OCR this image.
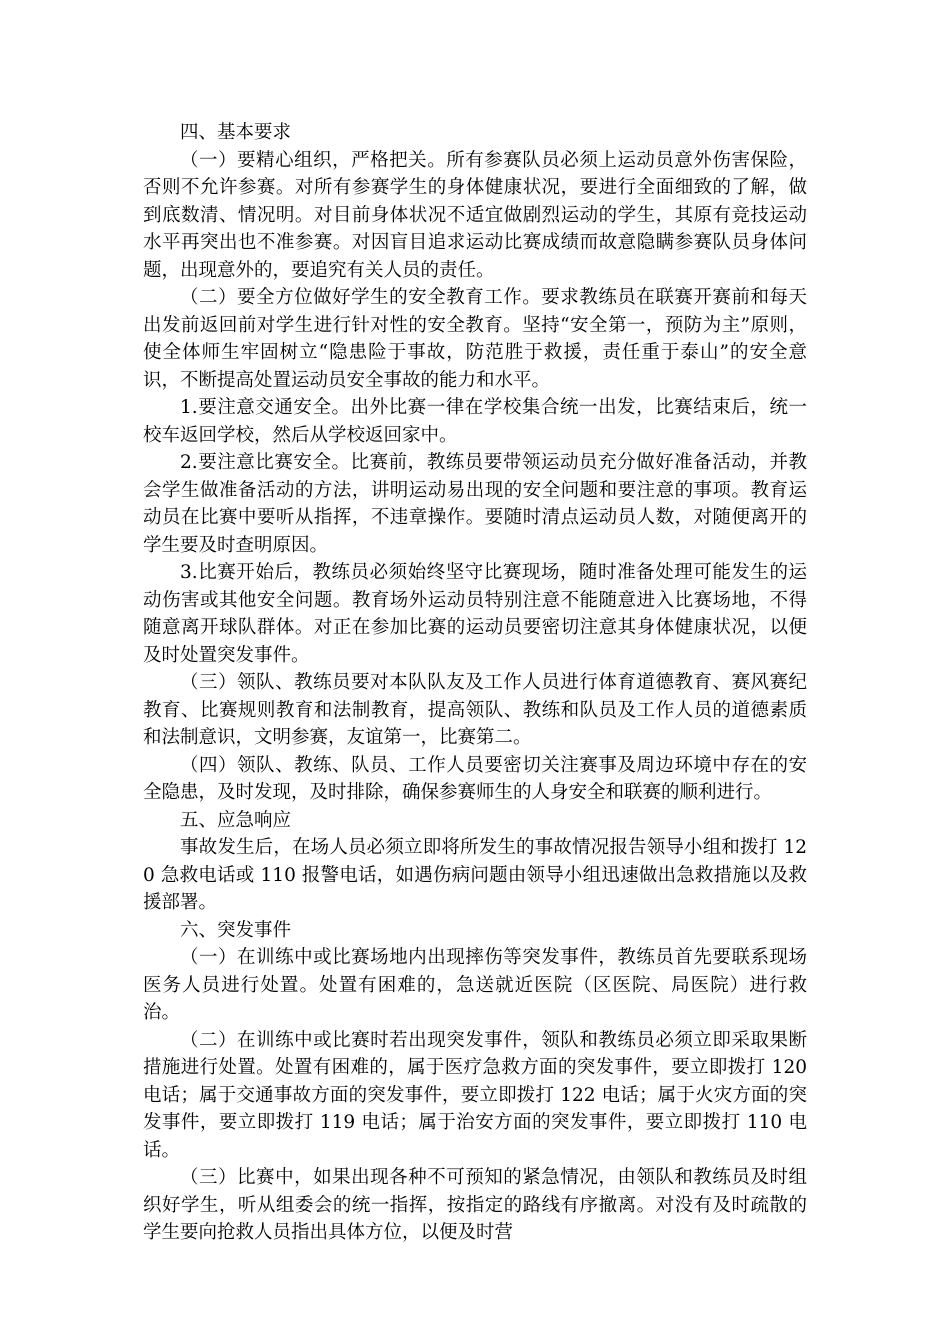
四、基本要求

（一）要精心组织，严格把关。所有参赛队员必须上运动员意外伤害保险，否则不允许参赛。对所有参赛学生的身体健康状况，要进行全面细致的了解，做到底数清、情况明。对目前身体状况不适宜做剧烈运动的学生，其原有竞技运动水平再突出也不准参赛。对因盲目追求运动比赛成绩而故意隐瞒参赛队员身体问题，出现意外的，要追究有关人员的责任。

（二）要全方位做好学生的安全教育工作。要求教练员在联赛开赛前和每天出发前返回前对学生进行针对性的安全教育。坚持“安全第一，预防为主”原则，使全体师生牢固树立“隐患险于事故，防范胜于救援，责任重于泰山”的安全意识，不断提高处置运动员安全事故的能力和水平。

1.要注意交通安全。出外比赛一律在学校集合统一出发，比赛结束后，统一校车返回学校，然后从学校返回家中。

2.要注意比赛安全。比赛前，教练员要带领运动员充分做好准备活动，并教会学生做准备活动的方法，讲明运动易出现的安全问题和要注意的事项。教育运动员在比赛中要听从指挥，不违章操作。要随时清点运动员人数，对随便离开的学生要及时查明原因。

3.比赛开始后，教练员必须始终坚守比赛现场，随时准备处理可能发生的运动伤害或其他安全问题。教育场外运动员特别注意不能随意进入比赛场地，不得随意离开球队群体。对正在参加比赛的运动员要密切注意其身体健康状况，以便及时处置突发事件。

（三）领队、教练员要对本队队友及工作人员进行体育道德教育、赛风赛纪教育、比赛规则教育和法制教育，提高领队、教练和队员及工作人员的道德素质和法制意识，文明参赛，友谊第一，比赛第二。

（四）领队、教练、队员、工作人员要密切关注赛事及周边环境中存在的安全隐患，及时发现，及时排除，确保参赛师生的人身安全和联赛的顺利进行。

五、应急响应

事故发生后，在场人员必须立即将所发生的事故情况报告领导小组和拨打 120 急救电话或 110 报警电话，如遇伤病问题由领导小组迅速做出急救措施以及救援部署。

六、突发事件

（一）在训练中或比赛场地内出现摔伤等突发事件，教练员首先要联系现场医务人员进行处置。处置有困难的，急送就近医院（区医院、局医院）进行救治。

（二）在训练中或比赛时若出现突发事件，领队和教练员必须立即采取果断措施进行处置。处置有困难的，属于医疗急救方面的突发事件，要立即拨打 120 电话；属于交通事故方面的突发事件，要立即拨打 122 电话；属于火灾方面的突发事件，要立即拨打 119 电话；属于治安方面的突发事件，要立即拨打 110 电话。

（三）比赛中，如果出现各种不可预知的紧急情况，由领队和教练员及时组织好学生，听从组委会的统一指挥，按指定的路线有序撤离。对没有及时疏散的学生要向抢救人员指出具体方位，以便及时营
